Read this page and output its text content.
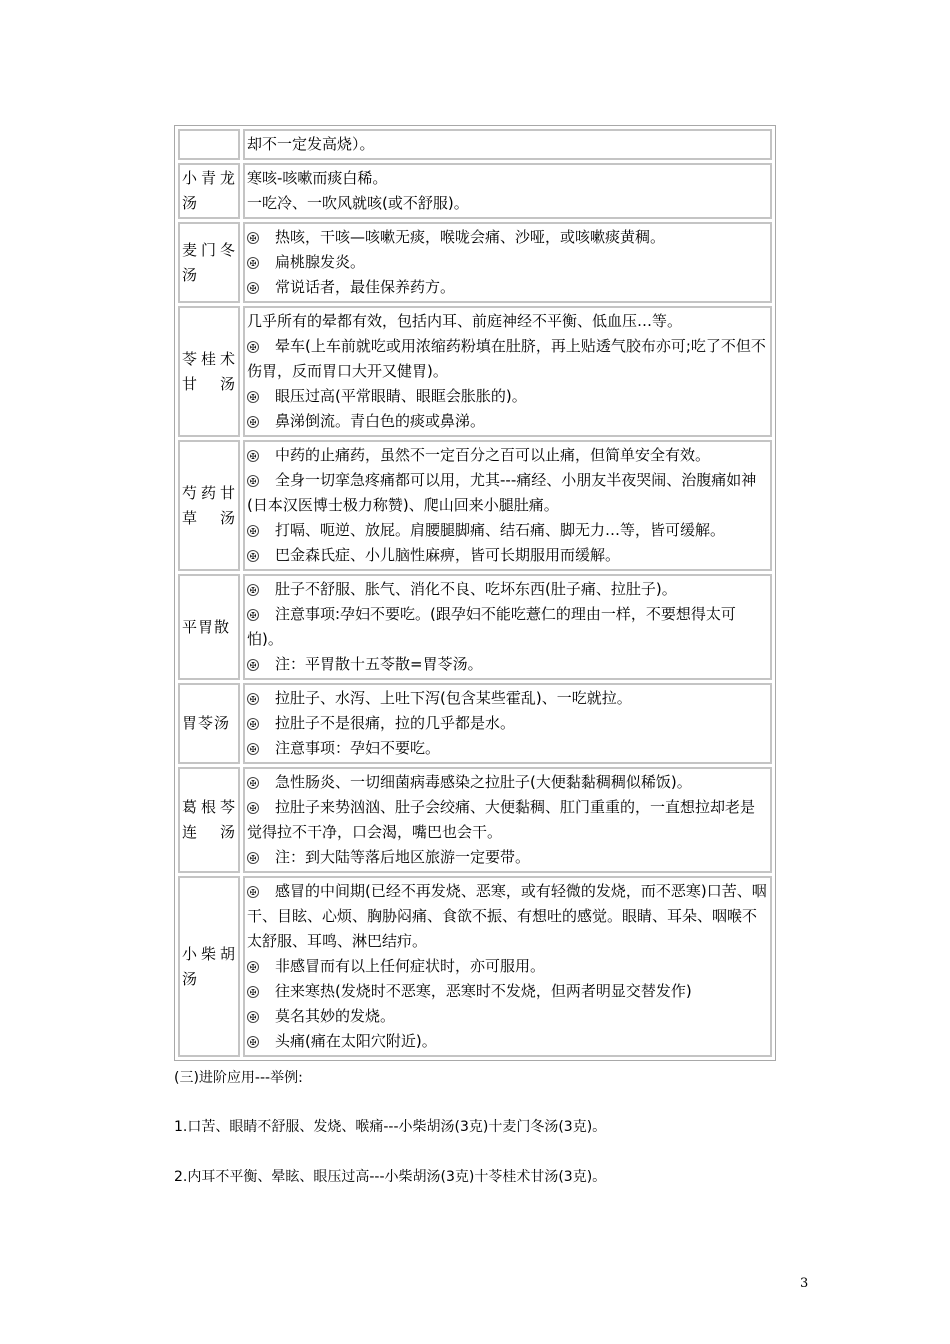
	却不一定发高烧）。

小青龙汤	寒咳-咳嗽而痰白稀。
一吃冷、一吹风就咳(或不舒服)。

麦门冬汤	✠ 热咳，干咳—咳嗽无痰，喉咙会痛、沙哑，或咳嗽痰黄稠。
✠ 扁桃腺发炎。
✠ 常说话者，最佳保养药方。

苓桂术甘汤	几乎所有的晕都有效，包括内耳、前庭神经不平衡、低血压…等。
✠ 晕车(上车前就吃或用浓缩药粉填在肚脐，再上贴透气胶布亦可;吃了不但不伤胃，反而胃口大开又健胃)。
✠ 眼压过高(平常眼睛、眼眶会胀胀的)。
✠ 鼻涕倒流。青白色的痰或鼻涕。

芍药甘草汤	✠ 中药的止痛药，虽然不一定百分之百可以止痛，但简单安全有效。
✠ 全身一切挛急疼痛都可以用，尤其---痛经、小朋友半夜哭闹、治腹痛如神(日本汉医博士极力称赞)、爬山回来小腿肚痛。
✠ 打嗝、呃逆、放屁。肩腰腿脚痛、结石痛、脚无力…等，皆可缓解。
✠ 巴金森氏症、小儿脑性麻痹，皆可长期服用而缓解。

平胃散	✠ 肚子不舒服、胀气、消化不良、吃坏东西(肚子痛、拉肚子)。
✠ 注意事项:孕妇不要吃。(跟孕妇不能吃薏仁的理由一样，不要想得太可怕)。
✠ 注：平胃散十五苓散=胃苓汤。

胃苓汤	✠ 拉肚子、水泻、上吐下泻(包含某些霍乱)、一吃就拉。
✠ 拉肚子不是很痛，拉的几乎都是水。
✠ 注意事项：孕妇不要吃。

葛根芩连汤	✠ 急性肠炎、一切细菌病毒感染之拉肚子(大便黏黏稠稠似稀饭)。
✠ 拉肚子来势汹汹、肚子会绞痛、大便黏稠、肛门重重的，一直想拉却老是觉得拉不干净，口会渴，嘴巴也会干。
✠ 注：到大陆等落后地区旅游一定要带。

小柴胡汤	✠ 感冒的中间期(已经不再发烧、恶寒，或有轻微的发烧，而不恶寒)口苦、咽干、目眩、心烦、胸胁闷痛、食欲不振、有想吐的感觉。眼睛、耳朵、咽喉不太舒服、耳鸣、淋巴结疖。
✠ 非感冒而有以上任何症状时，亦可服用。
✠ 往来寒热(发烧时不恶寒，恶寒时不发烧，但两者明显交替发作)
✠ 莫名其妙的发烧。
✠ 头痛(痛在太阳穴附近)。
(三)进阶应用---举例:
1.口苦、眼睛不舒服、发烧、喉痛---小柴胡汤(3克)十麦门冬汤(3克)。
2.内耳不平衡、晕眩、眼压过高---小柴胡汤(3克)十苓桂术甘汤(3克)。
3
